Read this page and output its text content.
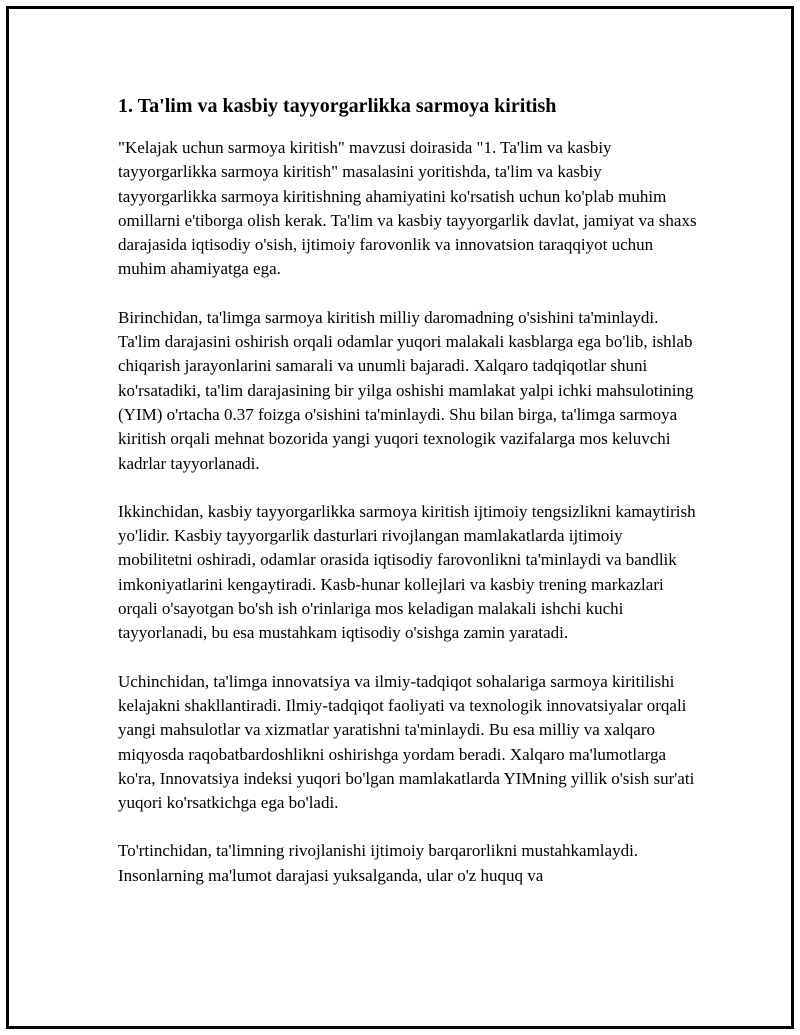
1. Ta'lim va kasbiy tayyorgarlikka sarmoya kiritish

"Kelajak uchun sarmoya kiritish" mavzusi doirasida "1. Ta'lim va kasbiy tayyorgarlikka sarmoya kiritish" masalasini yoritishda, ta'lim va kasbiy tayyorgarlikka sarmoya kiritishning ahamiyatini ko'rsatish uchun ko'plab muhim omillarni e'tiborga olish kerak. Ta'lim va kasbiy tayyorgarlik davlat, jamiyat va shaxs darajasida iqtisodiy o'sish, ijtimoiy farovonlik va innovatsion taraqqiyot uchun muhim ahamiyatga ega.

Birinchidan, ta'limga sarmoya kiritish milliy daromadning o'sishini ta'minlaydi. Ta'lim darajasini oshirish orqali odamlar yuqori malakali kasblarga ega bo'lib, ishlab chiqarish jarayonlarini samarali va unumli bajaradi. Xalqaro tadqiqotlar shuni ko'rsatadiki, ta'lim darajasining bir yilga oshishi mamlakat yalpi ichki mahsulotining (YIM) o'rtacha 0.37 foizga o'sishini ta'minlaydi. Shu bilan birga, ta'limga sarmoya kiritish orqali mehnat bozorida yangi yuqori texnologik vazifalarga mos keluvchi kadrlar tayyorlanadi.

Ikkinchidan, kasbiy tayyorgarlikka sarmoya kiritish ijtimoiy tengsizlikni kamaytirish yo'lidir. Kasbiy tayyorgarlik dasturlari rivojlangan mamlakatlarda ijtimoiy mobilitetni oshiradi, odamlar orasida iqtisodiy farovonlikni ta'minlaydi va bandlik imkoniyatlarini kengaytiradi. Kasb-hunar kollejlari va kasbiy trening markazlari orqali o'sayotgan bo'sh ish o'rinlariga mos keladigan malakali ishchi kuchi tayyorlanadi, bu esa mustahkam iqtisodiy o'sishga zamin yaratadi.

Uchinchidan, ta'limga innovatsiya va ilmiy-tadqiqot sohalariga sarmoya kiritilishi kelajakni shakllantiradi. Ilmiy-tadqiqot faoliyati va texnologik innovatsiyalar orqali yangi mahsulotlar va xizmatlar yaratishni ta'minlaydi. Bu esa milliy va xalqaro miqyosda raqobatbardoshlikni oshirishga yordam beradi. Xalqaro ma'lumotlarga ko'ra, Innovatsiya indeksi yuqori bo'lgan mamlakatlarda YIMning yillik o'sish sur'ati yuqori ko'rsatkichga ega bo'ladi.

To'rtinchidan, ta'limning rivojlanishi ijtimoiy barqarorlikni mustahkamlaydi. Insonlarning ma'lumot darajasi yuksalganda, ular o'z huquq va
